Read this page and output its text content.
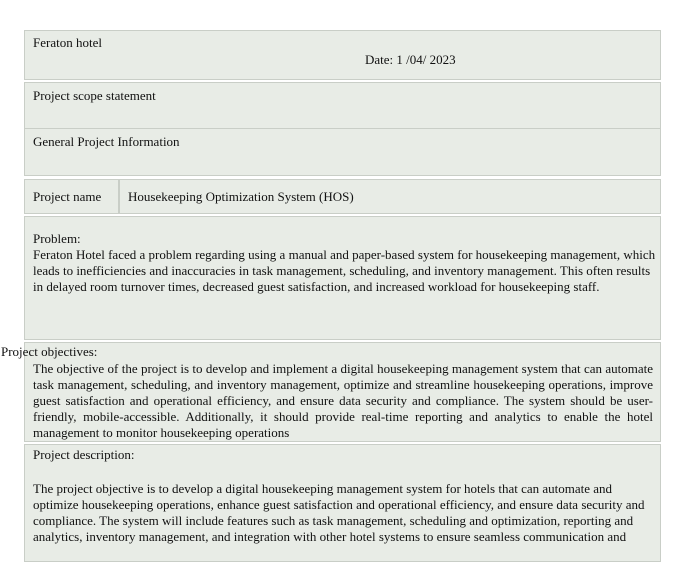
Feraton hotel
Date: 1 /04/ 2023
Project scope statement
General Project Information
Project name Housekeeping Optimization System (HOS)
Problem:
Feraton Hotel faced a problem regarding using a manual and paper-based system for housekeeping management, which leads to inefficiencies and inaccuracies in task management, scheduling, and inventory management. This often results in delayed room turnover times, decreased guest satisfaction, and increased workload for housekeeping staff.
Project objectives:
The objective of the project is to develop and implement a digital housekeeping management system that can automate task management, scheduling, and inventory management, optimize and streamline housekeeping operations, improve guest satisfaction and operational efficiency, and ensure data security and compliance. The system should be user-friendly, mobile-accessible. Additionally, it should provide real-time reporting and analytics to enable the hotel management to monitor housekeeping operations
Project description:
The project objective is to develop a digital housekeeping management system for hotels that can automate and optimize housekeeping operations, enhance guest satisfaction and operational efficiency, and ensure data security and compliance. The system will include features such as task management, scheduling and optimization, reporting and analytics, inventory management, and integration with other hotel systems to ensure seamless communication and
